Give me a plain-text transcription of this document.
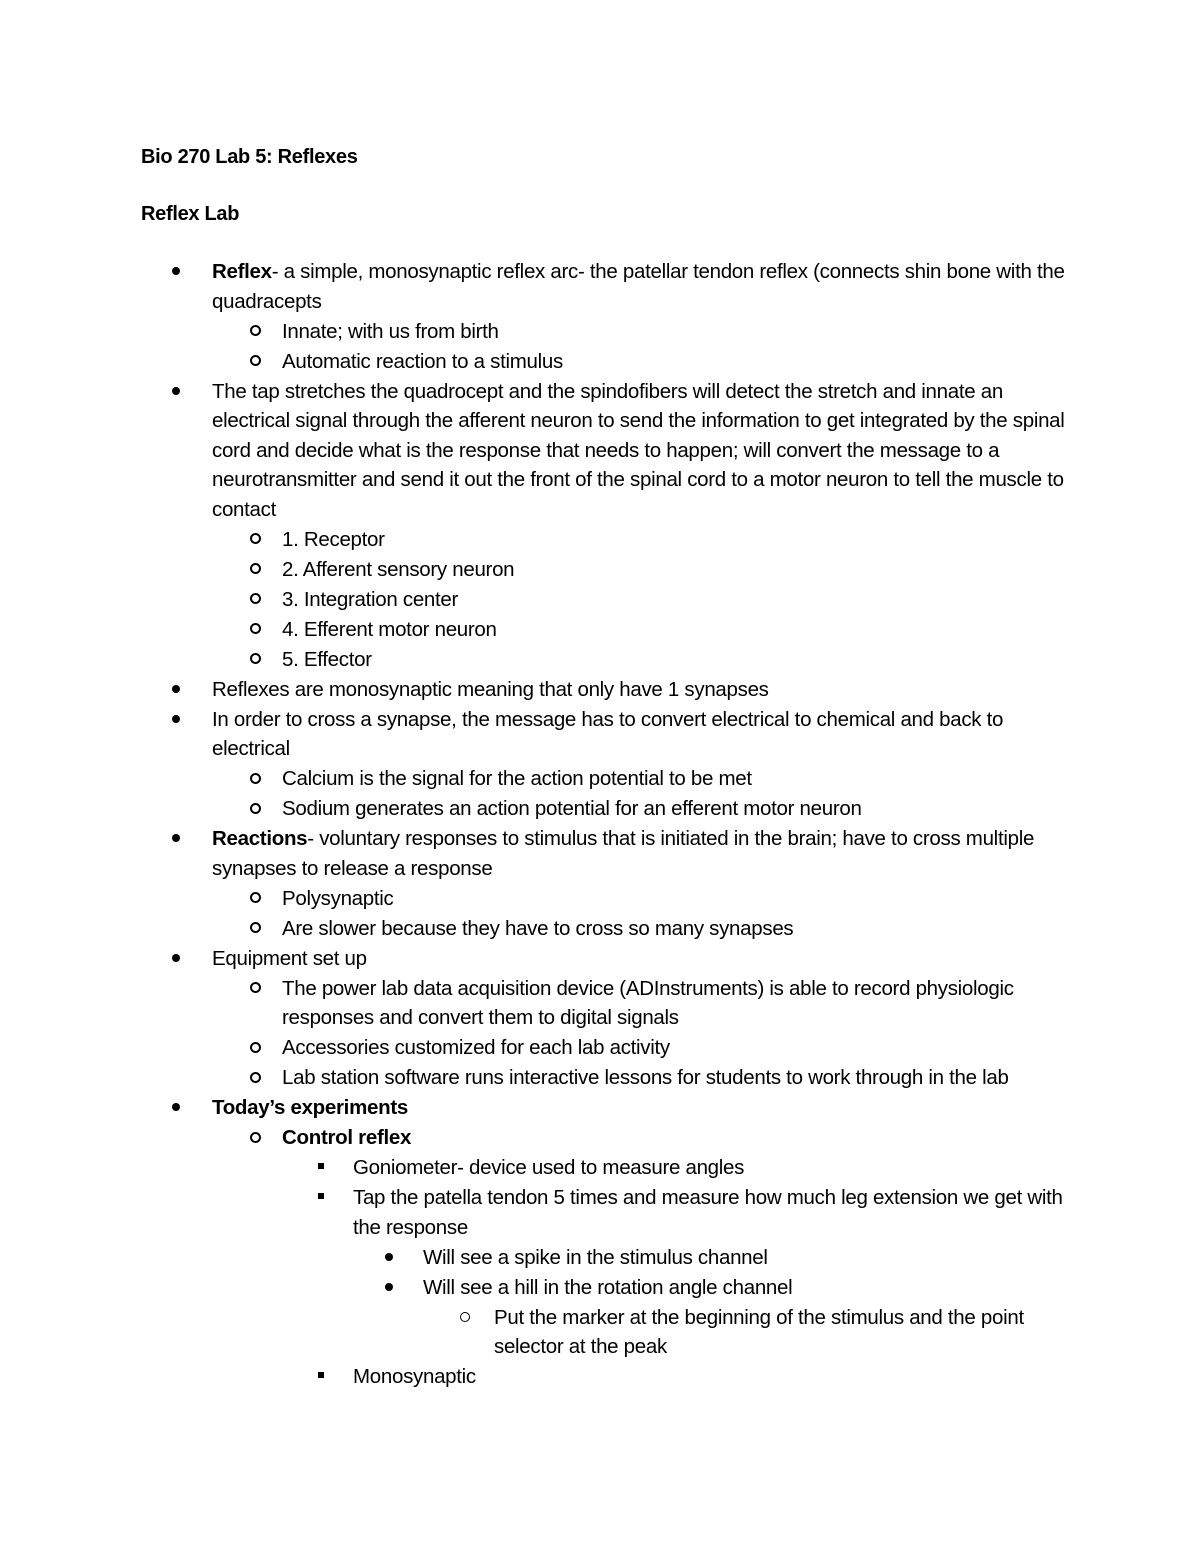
Bio 270 Lab 5: Reflexes
Reflex Lab
Reflex- a simple, monosynaptic reflex arc- the patellar tendon reflex (connects shin bone with the quadracepts
Innate; with us from birth
Automatic reaction to a stimulus
The tap stretches the quadrocept and the spindofibers will detect the stretch and innate an electrical signal through the afferent neuron to send the information to get integrated by the spinal cord and decide what is the response that needs to happen; will convert the message to a neurotransmitter and send it out the front of the spinal cord to a motor neuron to tell the muscle to contact
1. Receptor
2. Afferent sensory neuron
3. Integration center
4. Efferent motor neuron
5. Effector
Reflexes are monosynaptic meaning that only have 1 synapses
In order to cross a synapse, the message has to convert electrical to chemical and back to electrical
Calcium is the signal for the action potential to be met
Sodium generates an action potential for an efferent motor neuron
Reactions- voluntary responses to stimulus that is initiated in the brain; have to cross multiple synapses to release a response
Polysynaptic
Are slower because they have to cross so many synapses
Equipment set up
The power lab data acquisition device (ADInstruments) is able to record physiologic responses and convert them to digital signals
Accessories customized for each lab activity
Lab station software runs interactive lessons for students to work through in the lab
Today’s experiments
Control reflex
Goniometer- device used to measure angles
Tap the patella tendon 5 times and measure how much leg extension we get with the response
Will see a spike in the stimulus channel
Will see a hill in the rotation angle channel
Put the marker at the beginning of the stimulus and the point selector at the peak
Monosynaptic
